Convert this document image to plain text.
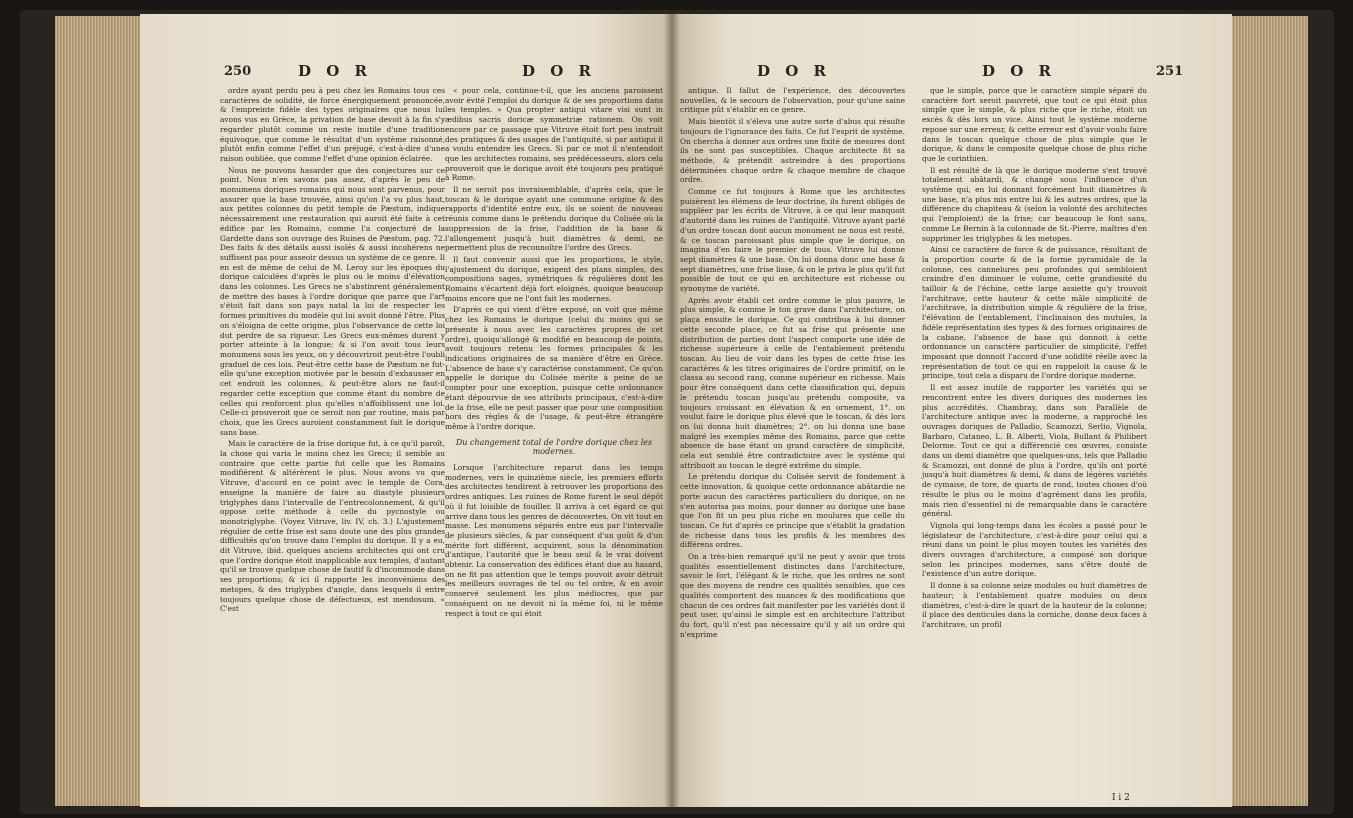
250	D O R	D O R

ordre ayant perdu peu à peu chez les Romains tous ces caractères de solidité, de force énergiquement prononcée, & l'empreinte fidèle des types originaires que nous lui avons vus en Grèce, la privation de base devoit à la fin s'y regarder plutôt comme un reste inutile d'une tradition équivoque, que comme le résultat d'un système raisonné, plutôt enfin comme l'effet d'un préjugé, c'est-à-dire d'une raison oubliée, que comme l'effet d'une opinion éclairée.

Nous ne pouvons hasarder que des conjectures sur ce point. Nous n'en savons pas assez, d'après le peu de monumens doriques romains qui nous sont parvenus, pour assurer que la base trouvée, ainsi qu'on l'a vu plus haut, aux petites colonnes du petit temple de Pæstum, indique nécessairement une restauration qui auroit été faite à cet édifice par les Romains, comme l'a conjecturé de la Gardette dans son ouvrage des Ruines de Pæstum, pag. 72. Des faits & des détails aussi isolés & aussi incohérens ne suffisent pas pour asseoir dessus un système de ce genre. Il en est de même de celui de M. Leroy sur les époques du dorique calculées d'après le plus ou le moins d'élévation dans les colonnes. Les Grecs ne s'abstinrent généralement de mettre des bases à l'ordre dorique que parce que l'art s'étoit fait dans son pays natal la loi de respecter les formes primitives du modèle qui lui avoit donné l'être. Plus on s'éloigna de cette origine, plus l'observance de cette loi dut perdre de sa rigueur. Les Grecs eux-mêmes durent y porter atteinte à la longue; & si l'on avoit tous leurs monumens sous les yeux, on y découvriroit peut-être l'oubli graduel de ces lois. Peut-être cette base de Pæstum ne fut-elle qu'une exception motivée par le besoin d'exhausser en cet endroit les colonnes, & peut-être alors ne faut-il regarder cette exception que comme étant du nombre de celles qui renforcent plus qu'elles n'affoiblissent une loi. Celle-ci prouveroit que ce seroit non par routine, mais par choix, que les Grecs auroient constamment fait le dorique sans base.

Mais le caractère de la frise dorique fut, à ce qu'il paroît, la chose qui varia le moins chez les Grecs; il semble au contraire que cette partie fut celle que les Romains modifièrent & altérèrent le plus. Nous avons vu que Vitruve, d'accord en ce point avec le temple de Cora, enseigne la manière de faire au diastyle plusieurs triglyphes dans l'intervalle de l'entrecolonnement, & qu'il oppose cette méthode à celle du pycnostyle ou monotriglyphe. (Voyez Vitruve, liv. IV, ch. 3.) L'ajustement régulier de cette frise est sans doute une des plus grandes difficultés qu'on trouve dans l'emploi du dorique. Il y a eu, dit Vitruve, ibid. quelques anciens architectes qui ont cru que l'ordre dorique étoit inapplicable aux temples, d'autant qu'il se trouve quelque chose de fautif & d'incommode dans ses proportions; & ici il rapporte les inconvéniens des metopes, & des triglyphes d'angle, dans lesquels il entre toujours quelque chose de défectueux, est mendosum. « C'est

« pour cela, continue-t-il, que les anciens paroissent avoir évité l'emploi du dorique & de ses proportions dans les temples. » Qua propter antiqui vitare visi sunt in ædibus sacris doricæ symmetriæ rationem. On voit encore par ce passage que Vitruve étoit fort peu instruit des pratiques & des usages de l'antiquité, si par antiqui il a voulu entendre les Grecs. Si par ce mot il n'entendoit que les architectes romains, ses prédécesseurs, alors cela prouveroit que le dorique avoit été toujours peu pratiqué à Rome.

Il ne seroit pas invraisemblable, d'après cela, que le toscan & le dorique ayant une commune origine & des rapports d'identité entre eux, ils se soient de nouveau réunis comme dans le prétendu dorique du Colisée où la suppression de la frise, l'addition de la base & l'allongement jusqu'à huit diamètres & demi, ne permettent plus de reconnoître l'ordre des Grecs.

Il faut convenir aussi que les proportions, le style, l'ajustement du dorique, exigent des plans simples, des compositions sages, symétriques & régulières dont les Romains s'écartent déjà fort eloignés, quoique beaucoup moins encore que ne l'ont fait les modernes.

D'après ce qui vient d'être exposé, on voit que même chez les Romains le dorique (celui du moins qui se présente à nous avec les caractères propres de cet ordre), quoiqu'allongé & modifié en beaucoup de points, avoit toujours retenu les formes principales & les indications originaires de sa manière d'être en Grèce. L'absence de base s'y caractérise constamment. Ce qu'on appelle le dorique du Colisée mérite à peine de se compter pour une exception, puisque cette ordonnance étant dépourvue de ses attributs principaux, c'est-à-dire de la frise, elle ne peut passer que pour une composition hors des règles & de l'usage, & peut-être étrangère même à l'ordre dorique.

Du changement total de l'ordre dorique chez les modernes.

Lorsque l'architecture reparut dans les temps modernes, vers le quinzième siècle, les premiers efforts des architectes tendirent à retrouver les proportions des ordres antiques. Les ruines de Rome furent le seul dépôt où il fut loisible de fouiller. Il arriva à cet égard ce qui arrive dans tous les genres de découvertes. On vit tout en masse. Les monumens séparés entre eux par l'intervalle de plusieurs siècles, & par conséquent d'un goût & d'un mérite fort différent, acquirent, sous la dénomination d'antique, l'autorité que le beau seul & le vrai doivent obtenir. La conservation des édifices étant due au hasard, on ne fit pas attention que le temps pouvoit avoir détruit les meilleurs ouvrages de tel ou tel ordre, & en avoir conservé seulement les plus médiocres, que par conséquent on ne devoit ni la même foi, ni le même respect à tout ce qui étoit

D O R	D O R	251

antique. Il fallut de l'expérience, des découvertes nouvelles, & le secours de l'observation, pour qu'une saine critique pût s'établir en ce genre.

Mais bientôt il s'éleva une autre sorte d'abus qui résulte toujours de l'ignorance des faits. Ce fut l'esprit de système. On chercha à donner aux ordres une fixité de mesures dont ils ne sont pas susceptibles. Chaque architecte fit sa méthode, & prétendit astreindre à des proportions déterminées chaque ordre & chaque membre de chaque ordre.

Comme ce fut toujours à Rome que les architectes puisèrent les élémens de leur doctrine, ils furent obligés de suppléer par les écrits de Vitruve, à ce qui leur manquoit d'autorité dans les ruines de l'antiquité. Vitruve ayant parlé d'un ordre toscan dont aucun monument ne nous est resté, & ce toscan paroissant plus simple que le dorique, on imagina d'en faire le premier de tous. Vitruve lui donne sept diamètres & une base. On lui donna donc une base & sept diamètres, une frise lisse, & on le priva le plus qu'il fut possible de tout ce qui en architecture est richesse ou synonyme de variété.

Après avoir établi cet ordre comme le plus pauvre, le plus simple, & comme le ton grave dans l'architecture, on plaça ensuite le dorique. Ce qui contribua à lui donner cette seconde place, ce fut sa frise qui présente une distribution de parties dont l'aspect comporte une idée de richesse supérieure à celle de l'entablement prétendu toscan. Au lieu de voir dans les types de cette frise les caractères & les titres originaires de l'ordre primitif, on le classa au second rang, comme supérieur en richesse. Mais pour être conséquent dans cette classification qui, depuis le prétendu toscan jusqu'au prétendu composite, va toujours croissant en élévation & en ornement, 1°. on voulut faire le dorique plus élevé que le toscan, & dès lors on lui donna huit diamètres; 2°. on lui donna une base malgré les exemples même des Romains, parce que cette absence de base étant un grand caractère de simplicité, cela eut semblé être contradictoire avec le système qui attribuoit au toscan le degré extrême du simple.

Le prétendu dorique du Colisée servit de fondement à cette innovation, & quoique cette ordonnance abâtardie ne porte aucun des caractères particuliers du dorique, on ne s'en autorisa pas moins, pour donner au dorique une base que l'on fit un peu plus riche en moulures que celle du toscan. Ce fut d'après ce principe que s'établit la gradation de richesse dans tous les profils & les membres des différens ordres.

On a très-bien remarqué qu'il ne peut y avoir que trois qualités essentiellement distinctes dans l'architecture, savoir le fort, l'élégant & le riche, que les ordres ne sont que des moyens de rendre ces qualités sensibles, que ces qualités comportent des nuances & des modifications que chacun de ces ordres fait manifester par les variétés dont il peut user, qu'ainsi le simple est en architecture l'attribut du fort, qu'il n'est pas nécessaire qu'il y ait un ordre qui n'exprime

que le simple, parce que le caractère simple séparé du caractère fort seroit pauvreté, que tout ce qui étoit plus simple que le simple, & plus riche que le riche, étoit un excès & dès lors un vice. Ainsi tout le système moderne repose sur une erreur, & cette erreur est d'avoir voulu faire dans le toscan quelque chose de plus simple que le dorique, & dans le composite quelque chose de plus riche que le corinthien.

Il est résulté de là que le dorique moderne s'est trouvé totalement abâtardi, & changé sous l'influence d'un système qui, en lui donnant forcément huit diamètres & une base, n'a plus mis entre lui & les autres ordres, que la différence du chapiteau & (selon la volonté des architectes qui l'emploient) de la frise; car beaucoup le font sans, comme Le Bernin à la colonnade de St.-Pierre, maîtres d'en supprimer les triglyphes & les metopes.

Ainsi ce caractère de force & de puissance, résultant de la proportion courte & de la forme pyramidale de la colonne, ces cannelures peu profondes qui sembloient craindre d'en diminuer le volume, cette grandiosité du tailloir & de l'échine, cette large assiette qu'y trouvoit l'architrave, cette hauteur & cette mâle simplicité de l'architrave, la distribution simple & régulière de la frise, l'élévation de l'entablement, l'inclinaison des mutules, la fidèle représentation des types & des formes originaires de la cabane, l'absence de base qui donnoit à cette ordonnance un caractère particulier de simplicité, l'effet imposant que donnoit l'accord d'une solidité réelle avec la représentation de tout ce qui en rappeloit la cause & le principe, tout cela a disparu de l'ordre dorique moderne.

Il est assez inutile de rapporter les variétés qui se rencontrent entre les divers doriques des modernes les plus accrédités. Chambray, dans son Parallèle de l'architecture antique avec la moderne, a rapproché les ouvrages doriques de Palladio, Scamozzi, Serlio, Vignola, Barbaro, Cataneo, L. B. Alberti, Viola, Bullant & Philibert Delorme. Tout ce qui a différencié ces œuvres, consiste dans un demi diamètre que quelques-uns, tels que Palladio & Scamozzi, ont donné de plus à l'ordre, qu'ils ont porté jusqu'à huit diamètres & demi, & dans de légères variétés de cymaise, de tore, de quarts de rond, toutes choses d'où résulte le plus ou le moins d'agrément dans les profils, mais rien d'essentiel ni de remarquable dans le caractère général.

Vignola qui long-temps dans les écoles a passé pour le législateur de l'architecture, c'est-à-dire pour celui qui a réuni dans un point le plus moyen toutes les variétés des divers ouvrages d'architecture, a composé son dorique selon les principes modernes, sans s'être douté de l'existence d'un autre dorique.

Il donne à sa colonne seize modules ou huit diamètres de hauteur; à l'entablement quatre modules ou deux diamètres, c'est-à-dire le quart de la hauteur de la colonne; il place des denticules dans la corniche, donne deux faces à l'architrave, un profil

I i 2
